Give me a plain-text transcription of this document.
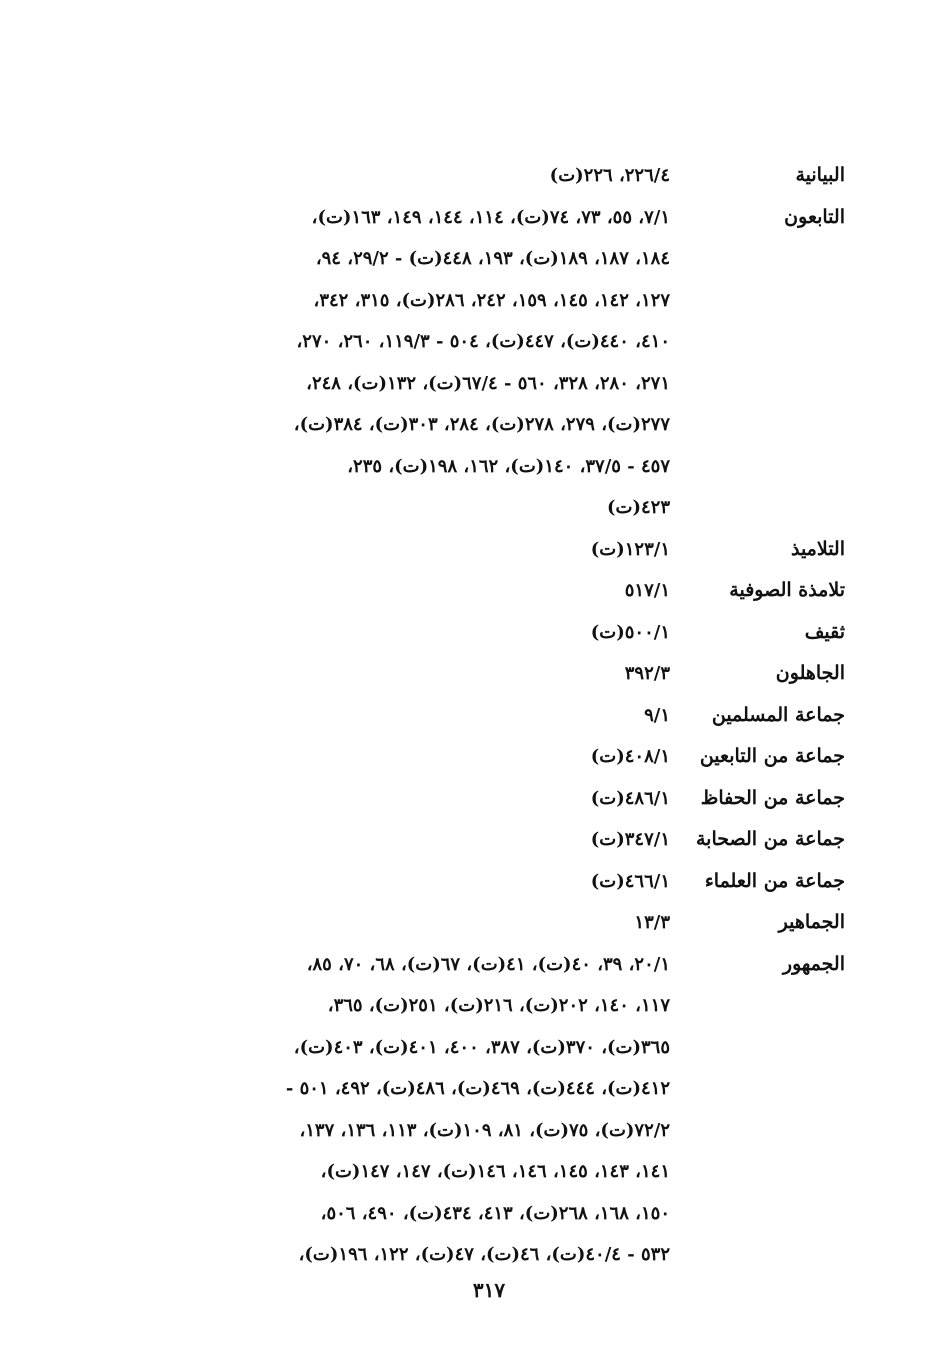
البيانية
٢٢٦/٤، ٢٢٦(ت)
التابعون
٧/١، ٥٥، ٧٣، ٧٤(ت)، ١١٤، ١٤٤، ١٤٩، ١٦٣(ت)،
١٨٤، ١٨٧، ١٨٩(ت)، ١٩٣، ٤٤٨(ت) - ٢٩/٢، ٩٤،
١٢٧، ١٤٢، ١٤٥، ١٥٩، ٢٤٢، ٢٨٦(ت)، ٣١٥، ٣٤٢،
٤١٠، ٤٤٠(ت)، ٤٤٧(ت)، ٥٠٤ - ١١٩/٣، ٢٦٠، ٢٧٠،
٢٧١، ٢٨٠، ٣٢٨، ٥٦٠ - ٦٧/٤(ت)، ١٣٢(ت)، ٢٤٨،
٢٧٧(ت)، ٢٧٩، ٢٧٨(ت)، ٢٨٤، ٣٠٣(ت)، ٣٨٤(ت)،
٤٥٧ - ٣٧/٥، ١٤٠(ت)، ١٦٢، ١٩٨(ت)، ٢٣٥،
٤٢٣(ت)
التلاميذ
١٢٣/١(ت)
تلامذة الصوفية
٥١٧/١
ثقيف
٥٠٠/١(ت)
الجاهلون
٣٩٢/٣
جماعة المسلمين
٩/١
جماعة من التابعين
٤٠٨/١(ت)
جماعة من الحفاظ
٤٨٦/١(ت)
جماعة من الصحابة
٣٤٧/١(ت)
جماعة من العلماء
٤٦٦/١(ت)
الجماهير
١٣/٣
الجمهور
٢٠/١، ٣٩، ٤٠(ت)، ٤١(ت)، ٦٧(ت)، ٦٨، ٧٠، ٨٥،
١١٧، ١٤٠، ٢٠٢(ت)، ٢١٦(ت)، ٢٥١(ت)، ٣٦٥،
٣٦٥(ت)، ٣٧٠(ت)، ٣٨٧، ٤٠٠، ٤٠١(ت)، ٤٠٣(ت)،
٤١٢(ت)، ٤٤٤(ت)، ٤٦٩(ت)، ٤٨٦(ت)، ٤٩٢، ٥٠١ -
٧٢/٢(ت)، ٧٥(ت)، ٨١، ١٠٩(ت)، ١١٣، ١٣٦، ١٣٧،
١٤١، ١٤٣، ١٤٥، ١٤٦، ١٤٦(ت)، ١٤٧، ١٤٧(ت)،
١٥٠، ١٦٨، ٢٦٨(ت)، ٤١٣، ٤٣٤(ت)، ٤٩٠، ٥٠٦،
٥٣٢ - ٤٠/٤(ت)، ٤٦(ت)، ٤٧(ت)، ١٢٢، ١٩٦(ت)،
٣١٧
